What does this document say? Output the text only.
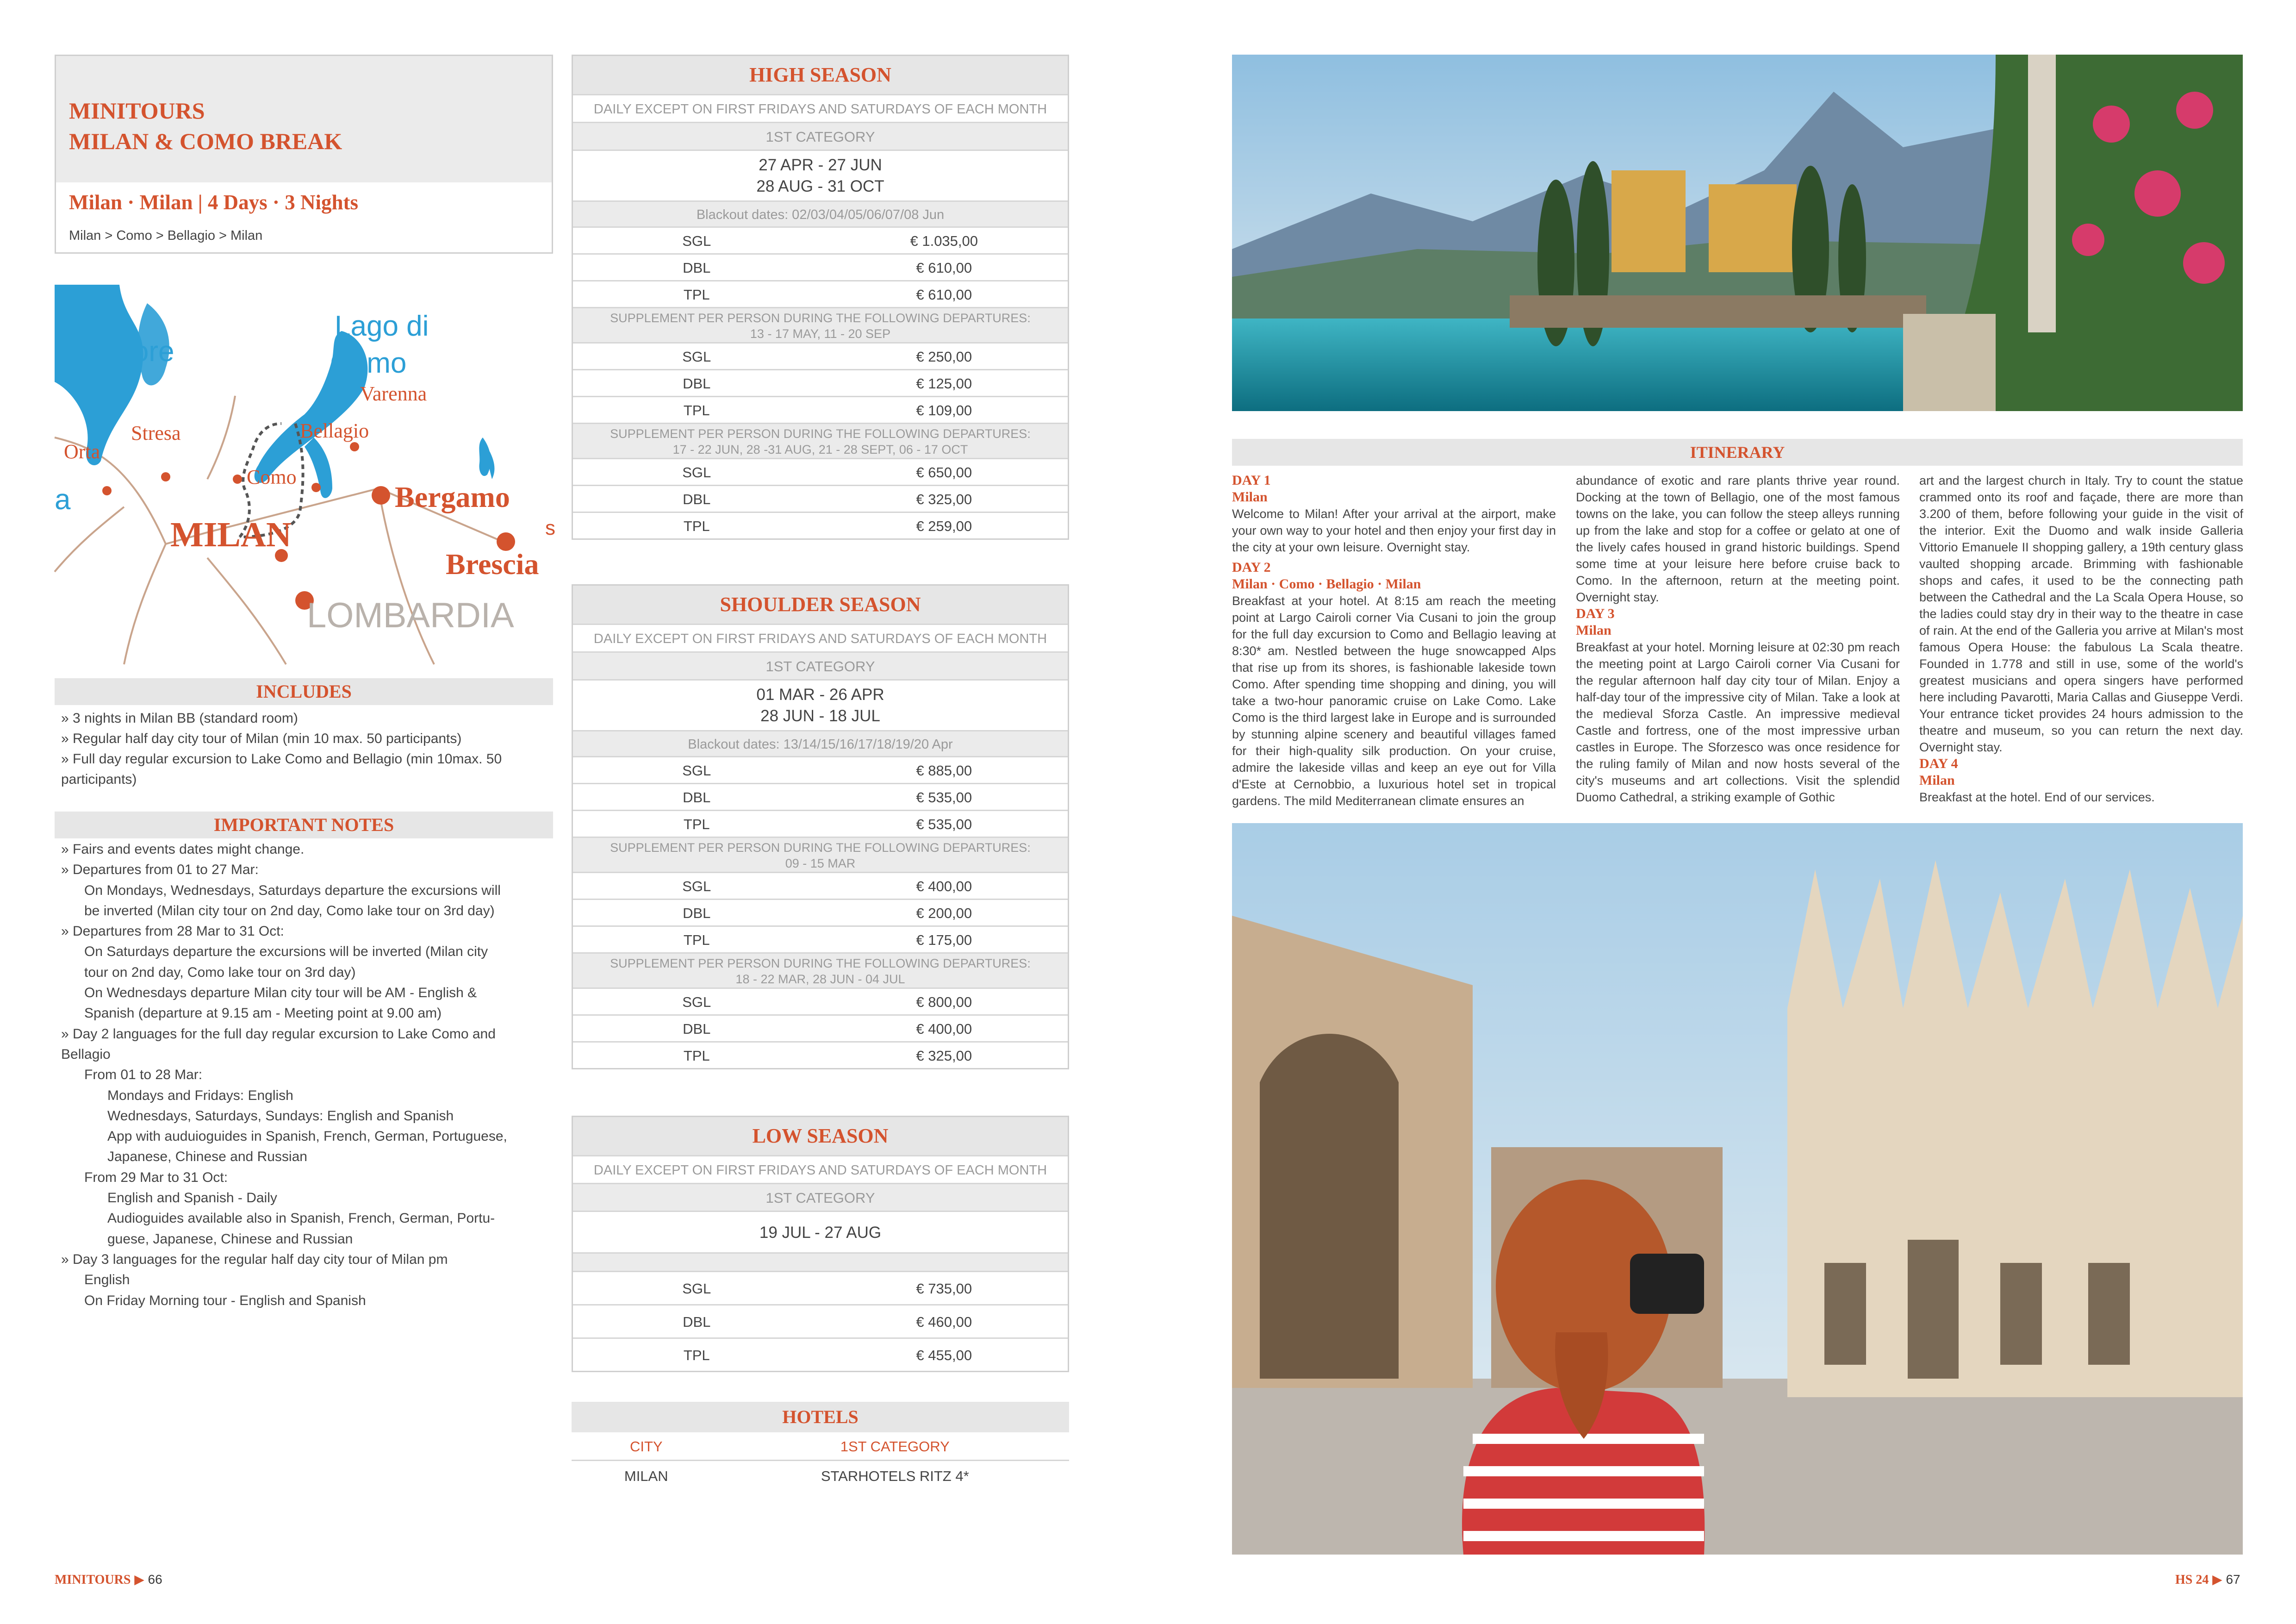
MINITOURS
MILAN & COMO BREAK
Milan · Milan | 4 Days · 3 Nights
Milan > Como > Bellagio > Milan
Lago
Maggiore
Lago di
Como
a
Varenna
Stresa
Orta
Bellagio
Como
MILAN
Bergamo
Brescia
s
LOMBARDIA
INCLUDES
» 3 nights in Milan BB (standard room)
» Regular half day city tour of Milan (min 10 max. 50 participants)
» Full day regular excursion to Lake Como and Bellagio (min 10max. 50
participants)
IMPORTANT NOTES
» Fairs and events dates might change.
» Departures from 01 to 27 Mar:
On Mondays, Wednesdays, Saturdays departure the excursions will
be inverted (Milan city tour on 2nd day, Como lake tour on 3rd day)
» Departures from 28 Mar to 31 Oct:
On Saturdays departure the excursions will be inverted (Milan city
tour on 2nd day, Como lake tour on 3rd day)
On Wednesdays departure Milan city tour will be AM - English &
Spanish (departure at 9.15 am - Meeting point at 9.00 am)
» Day 2 languages for the full day regular excursion to Lake Como and
Bellagio
From 01 to 28 Mar:
Mondays and Fridays: English
Wednesdays, Saturdays, Sundays: English and Spanish
App with auduioguides in Spanish, French, German, Portuguese,
Japanese, Chinese and Russian
From 29 Mar to 31 Oct:
English and Spanish - Daily
Audioguides available also in Spanish, French, German, Portu-
guese, Japanese, Chinese and Russian
» Day 3 languages for the regular half day city tour of Milan pm
English
On Friday Morning tour - English and Spanish
HIGH SEASON
DAILY EXCEPT ON FIRST FRIDAYS AND SATURDAYS OF EACH MONTH
1ST CATEGORY
27 APR - 27 JUN
28 AUG - 31 OCT
Blackout dates: 02/03/04/05/06/07/08 Jun
SGL	€ 1.035,00
DBL	€ 610,00
TPL	€ 610,00
SUPPLEMENT PER PERSON DURING THE FOLLOWING DEPARTURES:
13 - 17 MAY, 11 - 20 SEP
SGL	€ 250,00
DBL	€ 125,00
TPL	€ 109,00
SUPPLEMENT PER PERSON DURING THE FOLLOWING DEPARTURES:
17 - 22 JUN, 28 -31 AUG, 21 - 28 SEPT, 06 - 17 OCT
SGL	€ 650,00
DBL	€ 325,00
TPL	€ 259,00
SHOULDER SEASON
DAILY EXCEPT ON FIRST FRIDAYS AND SATURDAYS OF EACH MONTH
1ST CATEGORY
01 MAR - 26 APR
28 JUN - 18 JUL
Blackout dates: 13/14/15/16/17/18/19/20 Apr
SGL	€ 885,00
DBL	€ 535,00
TPL	€ 535,00
SUPPLEMENT PER PERSON DURING THE FOLLOWING DEPARTURES:
09 - 15 MAR
SGL	€ 400,00
DBL	€ 200,00
TPL	€ 175,00
SUPPLEMENT PER PERSON DURING THE FOLLOWING DEPARTURES:
18 - 22 MAR, 28 JUN - 04 JUL
SGL	€ 800,00
DBL	€ 400,00
TPL	€ 325,00
LOW SEASON
DAILY EXCEPT ON FIRST FRIDAYS AND SATURDAYS OF EACH MONTH
1ST CATEGORY
19 JUL - 27 AUG
SGL	€ 735,00
DBL	€ 460,00
TPL	€ 455,00
HOTELS
CITY	1ST CATEGORY
MILAN	STARHOTELS RITZ 4*
ITINERARY
DAY 1
Milan
Welcome to Milan! After your arrival at the airport, make your own way to your hotel and then enjoy your first day in the city at your own leisure. Overnight stay.
DAY 2
Milan · Como · Bellagio · Milan
Breakfast at your hotel. At 8:15 am reach the meeting point at Largo Cairoli corner Via Cusani to join the group for the full day excursion to Como and Bellagio leaving at 8:30* am. Nestled between the huge snowcapped Alps that rise up from its shores, is fashionable lakeside town Como. After spending time shopping and dining, you will take a two-hour panoramic cruise on Lake Como. Lake Como is the third largest lake in Europe and is surrounded by stunning alpine scenery and beautiful villages famed for their high-quality silk production. On your cruise, admire the lakeside villas and keep an eye out for Villa d'Este at Cernobbio, a luxurious hotel set in tropical gardens. The mild Mediterranean climate ensures an
abundance of exotic and rare plants thrive year round. Docking at the town of Bellagio, one of the most famous towns on the lake, you can follow the steep alleys running up from the lake and stop for a coffee or gelato at one of the lively cafes housed in grand historic buildings. Spend some time at your leisure here before cruise back to Como. In the afternoon, return at the meeting point. Overnight stay.
DAY 3
Milan
Breakfast at your hotel. Morning leisure at 02:30 pm reach the meeting point at Largo Cairoli corner Via Cusani for the regular afternoon half day city tour of Milan. Enjoy a half-day tour of the impressive city of Milan. Take a look at the medieval Sforza Castle. An impressive medieval Castle and fortress, one of the most impressive urban castles in Europe. The Sforzesco was once residence for the ruling family of Milan and now hosts several of the city's museums and art collections. Visit the splendid Duomo Cathedral, a striking example of Gothic
art and the largest church in Italy. Try to count the statue crammed onto its roof and façade, there are more than 3.200 of them, before following your guide in the visit of the interior. Exit the Duomo and walk inside Galleria Vittorio Emanuele II shopping gallery, a 19th century glass vaulted shopping arcade. Brimming with fashionable shops and cafes, it used to be the connecting path between the Cathedral and the La Scala Opera House, so the ladies could stay dry in their way to the theatre in case of rain. At the end of the Galleria you arrive at Milan's most famous Opera House: the fabulous La Scala theatre. Founded in 1.778 and still in use, some of the world's greatest musicians and opera singers have performed here including Pavarotti, Maria Callas and Giuseppe Verdi. Your entrance ticket provides 24 hours admission to the theatre and museum, so you can return the next day. Overnight stay.
DAY 4
Milan
Breakfast at the hotel. End of our services.
MINITOURS ▶ 66	HS 24 ▶ 67
